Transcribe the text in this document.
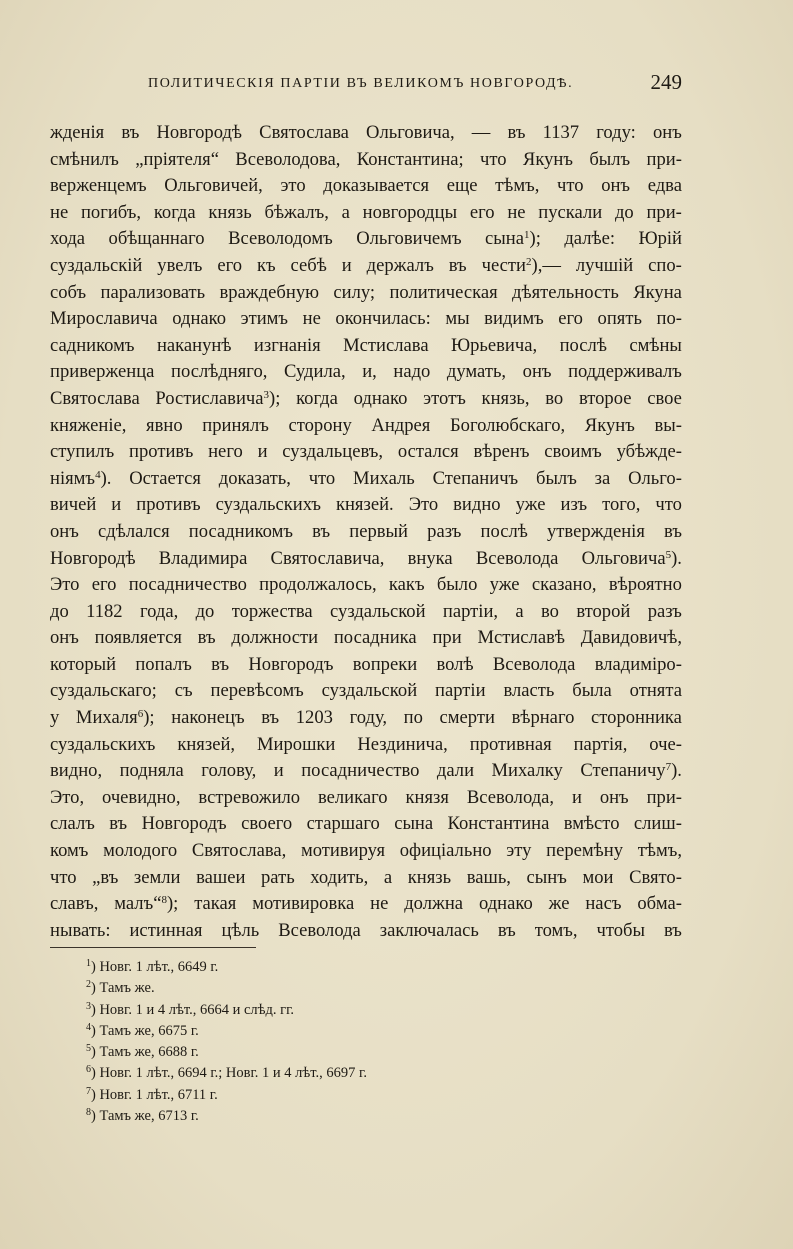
ПОЛИТИЧЕСКІЯ ПАРТІИ ВЪ ВЕЛИКОМЪ НОВГОРОДѢ.	249
жденія въ Новгородѣ Святослава Ольговича, — въ 1137 году: онъ
смѣнилъ „пріятеля“ Всеволодова, Константина; что Якунъ былъ при-
верженцемъ Ольговичей, это доказывается еще тѣмъ, что онъ едва
не погибъ, когда князь бѣжалъ, а новгородцы его не пускали до при-
хода обѣщаннаго Всеволодомъ Ольговичемъ сына$^1$); далѣе: Юрій
суздальскій увелъ его къ себѣ и держалъ въ чести$^2$),— лучшій спо-
собъ парализовать враждебную силу; политическая дѣятельность Якуна
Мирославича однако этимъ не окончилась: мы видимъ его опять по-
садникомъ наканунѣ изгнанія Мстислава Юрьевича, послѣ смѣны
приверженца послѣдняго, Судила, и, надо думать, онъ поддерживалъ
Святослава Ростиславича$^3$); когда однако этотъ князь, во второе свое
княженіе, явно принялъ сторону Андрея Боголюбскаго, Якунъ вы-
ступилъ противъ него и суздальцевъ, остался вѣренъ своимъ убѣжде-
ніямъ$^4$). Остается доказать, что Михаль Степаничъ былъ за Ольго-
вичей и противъ суздальскихъ князей. Это видно уже изъ того, что
онъ сдѣлался посадникомъ въ первый разъ послѣ утвержденія въ
Новгородѣ Владимира Святославича, внука Всеволода Ольговича$^5$).
Это его посадничество продолжалось, какъ было уже сказано, вѣроятно
до 1182 года, до торжества суздальской партіи, а во второй разъ
онъ появляется въ должности посадника при Мстиславѣ Давидовичѣ,
который попалъ въ Новгородъ вопреки волѣ Всеволода владиміро-
суздальскаго; съ перевѣсомъ суздальской партіи власть была отнята
у Михаля$^6$); наконецъ въ 1203 году, по смерти вѣрнаго сторонника
суздальскихъ князей, Мирошки Нездинича, противная партія, оче-
видно, подняла голову, и посадничество дали Михалку Степаничу$^7$).
Это, очевидно, встревожило великаго князя Всеволода, и онъ при-
слалъ въ Новгородъ своего старшаго сына Константина вмѣсто слиш-
комъ молодого Святослава, мотивируя офиціально эту перемѣну тѣмъ,
что „въ земли вашеи рать ходить, а князь вашь, сынъ мои Свято-
славъ, малъ“$^8$); такая мотивировка не должна однако же насъ обма-
нывать: истинная цѣль Всеволода заключалась въ томъ, чтобы въ
$^1$) Новг. 1 лѣт., 6649 г.
$^2$) Тамъ же.
$^3$) Новг. 1 и 4 лѣт., 6664 и слѣд. гг.
$^4$) Тамъ же, 6675 г.
$^5$) Тамъ же, 6688 г.
$^6$) Новг. 1 лѣт., 6694 г.; Новг. 1 и 4 лѣт., 6697 г.
$^7$) Новг. 1 лѣт., 6711 г.
$^8$) Тамъ же, 6713 г.
